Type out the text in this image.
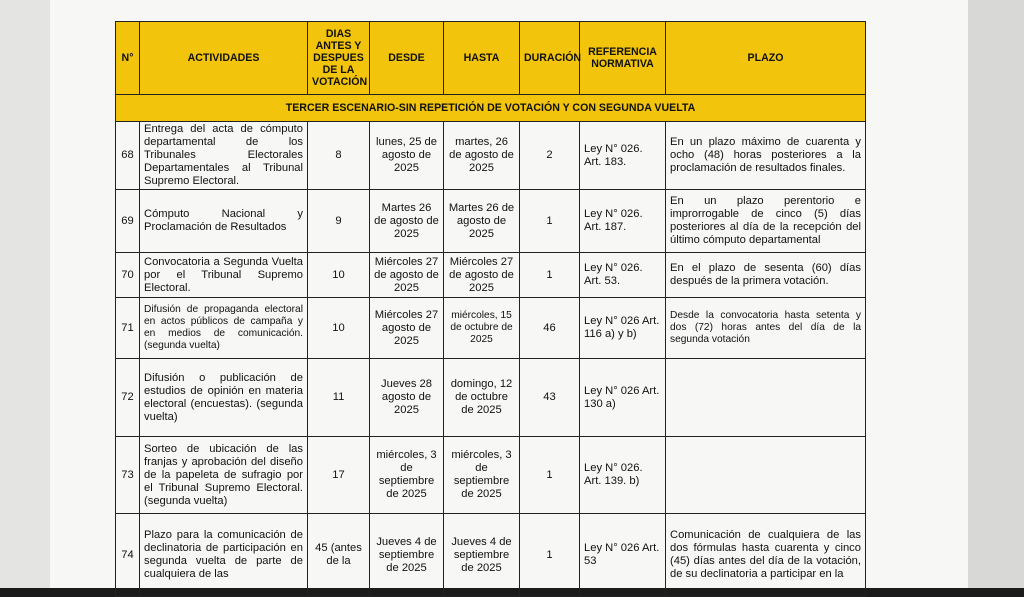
N°	ACTIVIDADES	DIAS ANTES Y DESPUES DE LA VOTACIÓN	DESDE	HASTA	DURACIÓN	REFERENCIA NORMATIVA	PLAZO
TERCER ESCENARIO-SIN REPETICIÓN DE VOTACIÓN Y CON SEGUNDA VUELTA							
68	Entrega del acta de cómputo departamental de los Tribunales Electorales Departamentales al Tribunal Supremo Electoral.	8	lunes, 25 de agosto de 2025	martes, 26 de agosto de 2025	2	Ley N° 026. Art. 183.	En un plazo máximo de cuarenta y ocho (48) horas posteriores a la proclamación de resultados finales.
69	Cómputo Nacional y Proclamación de Resultados	9	Martes 26 de agosto de 2025	Martes 26 de agosto de 2025	1	Ley N° 026. Art. 187.	En un plazo perentorio e improrrogable de cinco (5) días posteriores al día de la recepción del último cómputo departamental
70	Convocatoria a Segunda Vuelta por el Tribunal Supremo Electoral.	10	Miércoles 27 de agosto de 2025	Miércoles 27 de agosto de 2025	1	Ley N° 026. Art. 53.	En el plazo de sesenta (60) días después de la primera votación.
71	Difusión de propaganda electoral en actos públicos de campaña y en medios de comunicación. (segunda vuelta)	10	Miércoles 27 agosto de 2025	miércoles, 15 de octubre de 2025	46	Ley N° 026 Art. 116 a) y b)	Desde la convocatoria hasta setenta y dos (72) horas antes del día de la segunda votación
72	Difusión o publicación de estudios de opinión en materia electoral (encuestas). (segunda vuelta)	11	Jueves 28 agosto de 2025	domingo, 12 de octubre de 2025	43	Ley N° 026 Art. 130 a)	
73	Sorteo de ubicación de las franjas y aprobación del diseño de la papeleta de sufragio por el Tribunal Supremo Electoral. (segunda vuelta)	17	miércoles, 3 de septiembre de 2025	miércoles, 3 de septiembre de 2025	1	Ley N° 026. Art. 139. b)	
74	Plazo para la comunicación de declinatoria de participación en segunda vuelta de parte de cualquiera de las	45 (antes de la	Jueves 4 de septiembre de 2025	Jueves 4 de septiembre de 2025	1	Ley N° 026 Art. 53	Comunicación de cualquiera de las dos fórmulas hasta cuarenta y cinco (45) días antes del día de la votación, de su declinatoria a participar en la
